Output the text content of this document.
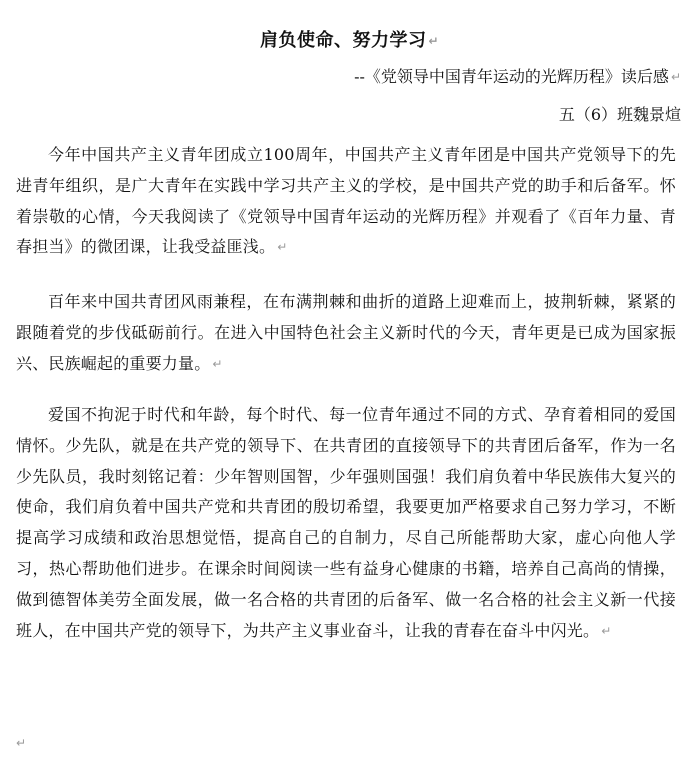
肩负使命、努力学习 ↵
--《党领导中国青年运动的光辉历程》读后感 ↵
五（6）班魏景煊
今年中国共产主义青年团成立100周年，中国共产主义青年团是中国共产党领导下的先进青年组织，是广大青年在实践中学习共产主义的学校，是中国共产党的助手和后备军。怀着崇敬的心情，今天我阅读了《党领导中国青年运动的光辉历程》并观看了《百年力量、青春担当》的微团课，让我受益匪浅。 ↵
百年来中国共青团风雨兼程，在布满荆棘和曲折的道路上迎难而上，披荆斩棘，紧紧的跟随着党的步伐砥砺前行。在进入中国特色社会主义新时代的今天，青年更是已成为国家振兴、民族崛起的重要力量。 ↵
爱国不拘泥于时代和年龄，每个时代、每一位青年通过不同的方式、孕育着相同的爱国情怀。少先队，就是在共产党的领导下、在共青团的直接领导下的共青团后备军，作为一名少先队员，我时刻铭记着：少年智则国智，少年强则国强！我们肩负着中华民族伟大复兴的使命，我们肩负着中国共产党和共青团的殷切希望，我要更加严格要求自己努力学习，不断提高学习成绩和政治思想觉悟，提高自己的自制力，尽自己所能帮助大家，虚心向他人学习，热心帮助他们进步。在课余时间阅读一些有益身心健康的书籍，培养自己高尚的情操，做到德智体美劳全面发展，做一名合格的共青团的后备军、做一名合格的社会主义新一代接班人，在中国共产党的领导下，为共产主义事业奋斗，让我的青春在奋斗中闪光。 ↵
↵
